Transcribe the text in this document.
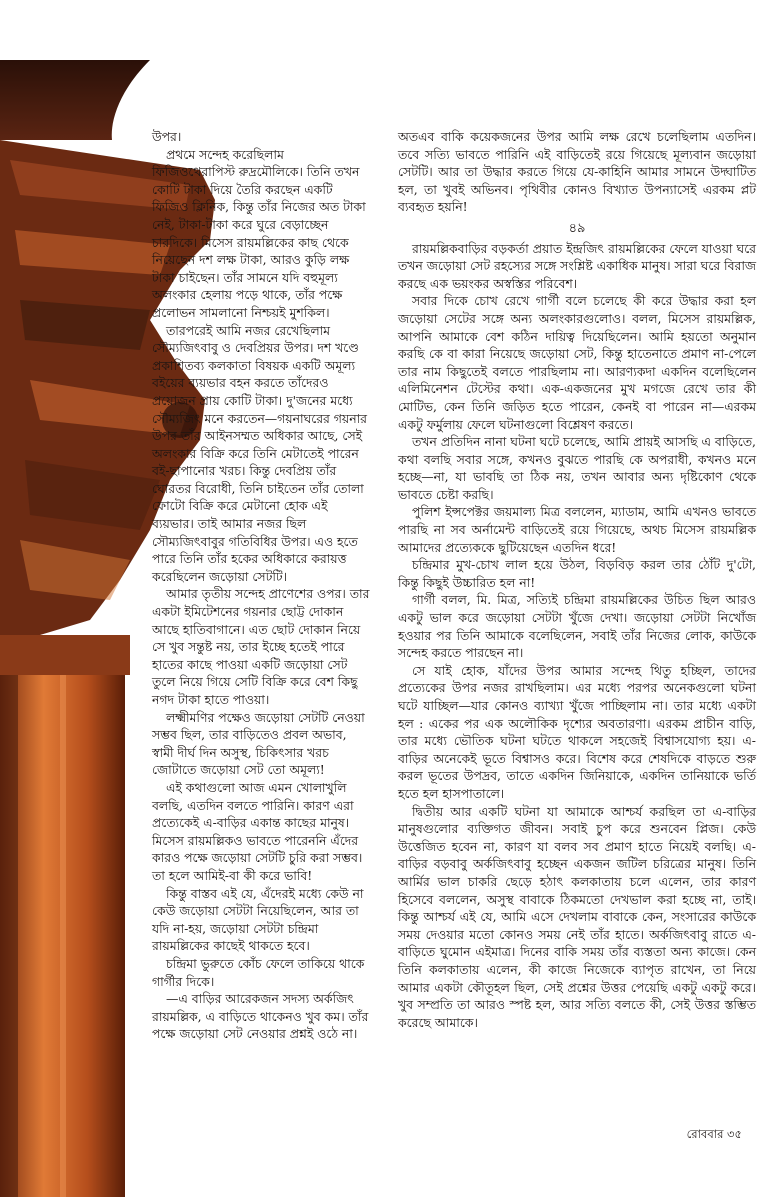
উপর।

প্রথমে সন্দেহ করেছিলাম ফিজিওথেরাপিস্ট রুদ্রমৌলিকে। তিনি তখন কোটি টাকা দিয়ে তৈরি করছেন একটি ফিজিও ক্লিনিক, কিন্তু তাঁর নিজের অত টাকা নেই, টাকা-টাকা করে ঘুরে বেড়াচ্ছেন চারদিকে। মিসেস রায়মল্লিকের কাছ থেকে নিয়েছেন দশ লক্ষ টাকা, আরও কুড়ি লক্ষ টাকা চাইছেন। তাঁর সামনে যদি বহুমূল্য অলংকার হেলায় পড়ে থাকে, তাঁর পক্ষে প্রলোভন সামলানো নিশ্চয়ই মুশকিল।

তারপরেই আমি নজর রেখেছিলাম সৌম্যজিৎবাবু ও দেবপ্রিয়র উপর। দশ খণ্ডে প্রকাশিতব্য কলকাতা বিষয়ক একটি অমূল্য বইয়ের ব্যয়ভার বহন করতে তাঁদেরও প্রয়োজন প্রায় কোটি টাকা। দু'জনের মধ্যে সৌম্যজিৎ মনে করতেন—গয়নাঘরের গয়নার উপর তাঁর আইনসম্মত অধিকার আছে, সেই অলংকার বিক্রি করে তিনি মেটাতেই পারেন বই-ছাপানোর খরচ। কিন্তু দেবপ্রিয় তাঁর ঘোরতর বিরোধী, তিনি চাইতেন তাঁর তোলা ফোটো বিক্রি করে মেটানো হোক এই ব্যয়ভার। তাই আমার নজর ছিল সৌম্যজিৎবাবুর গতিবিধির উপর। এও হতে পারে তিনি তাঁর হকের অধিকারে করায়ত্ত করেছিলেন জড়োয়া সেটটি।

আমার তৃতীয় সন্দেহ প্রাণেশের ওপর। তার একটা ইমিটেশনের গয়নার ছোট্ট দোকান আছে হাতিবাগানে। এত ছোট দোকান নিয়ে সে খুব সন্তুষ্ট নয়, তার ইচ্ছে হতেই পারে হাতের কাছে পাওয়া একটি জড়োয়া সেট তুলে নিয়ে গিয়ে সেটি বিক্রি করে বেশ কিছু নগদ টাকা হাতে পাওয়া।

লক্ষ্মীমণির পক্ষেও জড়োয়া সেটটি নেওয়া সম্ভব ছিল, তার বাড়িতেও প্রবল অভাব, স্বামী দীর্ঘ দিন অসুস্থ, চিকিৎসার খরচ জোটাতে জড়োয়া সেট তো অমূল্য!

এই কথাগুলো আজ এমন খোলাখুলি বলছি, এতদিন বলতে পারিনি। কারণ এরা প্রত্যেকেই এ-বাড়ির একান্ত কাছের মানুষ। মিসেস রায়মল্লিকও ভাবতে পারেননি এঁদের কারও পক্ষে জড়োয়া সেটটি চুরি করা সম্ভব। তা হলে আমিই-বা কী করে ভাবি!

কিন্তু বাস্তব এই যে, এঁদেরই মধ্যে কেউ না কেউ জড়োয়া সেটটা নিয়েছিলেন, আর তা যদি না-হয়, জড়োয়া সেটটা চন্দ্রিমা রায়মল্লিকের কাছেই থাকতে হবে।

চন্দ্রিমা ভুরুতে কোঁচ ফেলে তাকিয়ে থাকে গার্গীর দিকে।

—এ বাড়ির আরেকজন সদস্য অর্কজিৎ রায়মল্লিক, এ বাড়িতে থাকেনও খুব কম। তাঁর পক্ষে জড়োয়া সেট নেওয়ার প্রশ্নই ওঠে না।

অতএব বাকি কয়েকজনের উপর আমি লক্ষ রেখে চলেছিলাম এতদিন। তবে সত্যি ভাবতে পারিনি এই বাড়িতেই রয়ে গিয়েছে মূল্যবান জড়োয়া সেটটি। আর তা উদ্ধার করতে গিয়ে যে-কাহিনি আমার সামনে উদ্ঘাটিত হল, তা খুবই অভিনব। পৃথিবীর কোনও বিখ্যাত উপন্যাসেই এরকম প্লট ব্যবহৃত হয়নি!

৪৯

রায়মল্লিকবাড়ির বড়কর্তা প্রয়াত ইন্দ্রজিৎ রায়মল্লিকের ফেলে যাওয়া ঘরে তখন জড়োয়া সেট রহস্যের সঙ্গে সংশ্লিষ্ট একাধিক মানুষ। সারা ঘরে বিরাজ করছে এক ভয়ংকর অস্বস্তির পরিবেশ।

সবার দিকে চোখ রেখে গার্গী বলে চলেছে কী করে উদ্ধার করা হল জড়োয়া সেটের সঙ্গে অন্য অলংকারগুলোও। বলল, মিসেস রায়মল্লিক, আপনি আমাকে বেশ কঠিন দায়িত্ব দিয়েছিলেন। আমি হয়তো অনুমান করছি কে বা কারা নিয়েছে জড়োয়া সেট, কিন্তু হাতেনাতে প্রমাণ না-পেলে তার নাম কিছুতেই বলতে পারছিলাম না। আরণ্যকদা একদিন বলেছিলেন এলিমিনেশন টেস্টের কথা। এক-একজনের মুখ মগজে রেখে তার কী মোটিভ, কেন তিনি জড়িত হতে পারেন, কেনই বা পারেন না—এরকম একটু ফর্মুলায় ফেলে ঘটনাগুলো বিশ্লেষণ করতে।

তখন প্রতিদিন নানা ঘটনা ঘটে চলেছে, আমি প্রায়ই আসছি এ বাড়িতে, কথা বলছি সবার সঙ্গে, কখনও বুঝতে পারছি কে অপরাধী, কখনও মনে হচ্ছে—না, যা ভাবছি তা ঠিক নয়, তখন আবার অন্য দৃষ্টিকোণ থেকে ভাবতে চেষ্টা করছি।

পুলিশ ইন্সপেক্টর জয়মাল্য মিত্র বললেন, ম্যাডাম, আমি এখনও ভাবতে পারছি না সব অর্নামেন্ট বাড়িতেই রয়ে গিয়েছে, অথচ মিসেস রায়মল্লিক আমাদের প্রত্যেককে ছুটিয়েছেন এতদিন ধরে!

চন্দ্রিমার মুখ-চোখ লাল হয়ে উঠল, বিড়বিড় করল তার ঠোঁট দু'টো, কিন্তু কিছুই উচ্চারিত হল না!

গার্গী বলল, মি. মিত্র, সত্যিই চন্দ্রিমা রায়মল্লিকের উচিত ছিল আরও একটু ভাল করে জড়োয়া সেটটা খুঁজে দেখা। জড়োয়া সেটটা নিখোঁজ হওয়ার পর তিনি আমাকে বলেছিলেন, সবাই তাঁর নিজের লোক, কাউকে সন্দেহ করতে পারছেন না।

সে যাই হোক, যাঁদের উপর আমার সন্দেহ থিতু হচ্ছিল, তাদের প্রত্যেকের উপর নজর রাখছিলাম। এর মধ্যে পরপর অনেকগুলো ঘটনা ঘটে যাচ্ছিল—যার কোনও ব্যাখ্যা খুঁজে পাচ্ছিলাম না। তার মধ্যে একটা হল : একের পর এক অলৌকিক দৃশ্যের অবতারণা। এরকম প্রাচীন বাড়ি, তার মধ্যে ভৌতিক ঘটনা ঘটতে থাকলে সহজেই বিশ্বাসযোগ্য হয়। এ-বাড়ির অনেকেই ভূতে বিশ্বাসও করে। বিশেষ করে শেষদিকে বাড়তে শুরু করল ভূতের উপদ্রব, তাতে একদিন জিনিয়াকে, একদিন তানিয়াকে ভর্তি হতে হল হাসপাতালে।

দ্বিতীয় আর একটি ঘটনা যা আমাকে আশ্চর্য করছিল তা এ-বাড়ির মানুষগুলোর ব্যক্তিগত জীবন। সবাই চুপ করে শুনবেন প্লিজ। কেউ উত্তেজিত হবেন না, কারণ যা বলব সব প্রমাণ হাতে নিয়েই বলছি। এ-বাড়ির বড়বাবু অর্কজিৎবাবু হচ্ছেন একজন জটিল চরিত্রের মানুষ। তিনি আর্মির ভাল চাকরি ছেড়ে হঠাৎ কলকাতায় চলে এলেন, তার কারণ হিসেবে বললেন, অসুস্থ বাবাকে ঠিকমতো দেখভাল করা হচ্ছে না, তাই। কিন্তু আশ্চর্য এই যে, আমি এসে দেখলাম বাবাকে কেন, সংসারের কাউকে সময় দেওয়ার মতো কোনও সময় নেই তাঁর হাতে। অর্কজিৎবাবু রাতে এ-বাড়িতে ঘুমোন এইমাত্র। দিনের বাকি সময় তাঁর ব্যস্ততা অন্য কাজে। কেন তিনি কলকাতায় এলেন, কী কাজে নিজেকে ব্যাপৃত রাখেন, তা নিয়ে আমার একটা কৌতূহল ছিল, সেই প্রশ্নের উত্তর পেয়েছি একটু একটু করে। খুব সম্প্রতি তা আরও স্পষ্ট হল, আর সত্যি বলতে কী, সেই উত্তর স্তম্ভিত করেছে আমাকে।

রোববার ৩৫
